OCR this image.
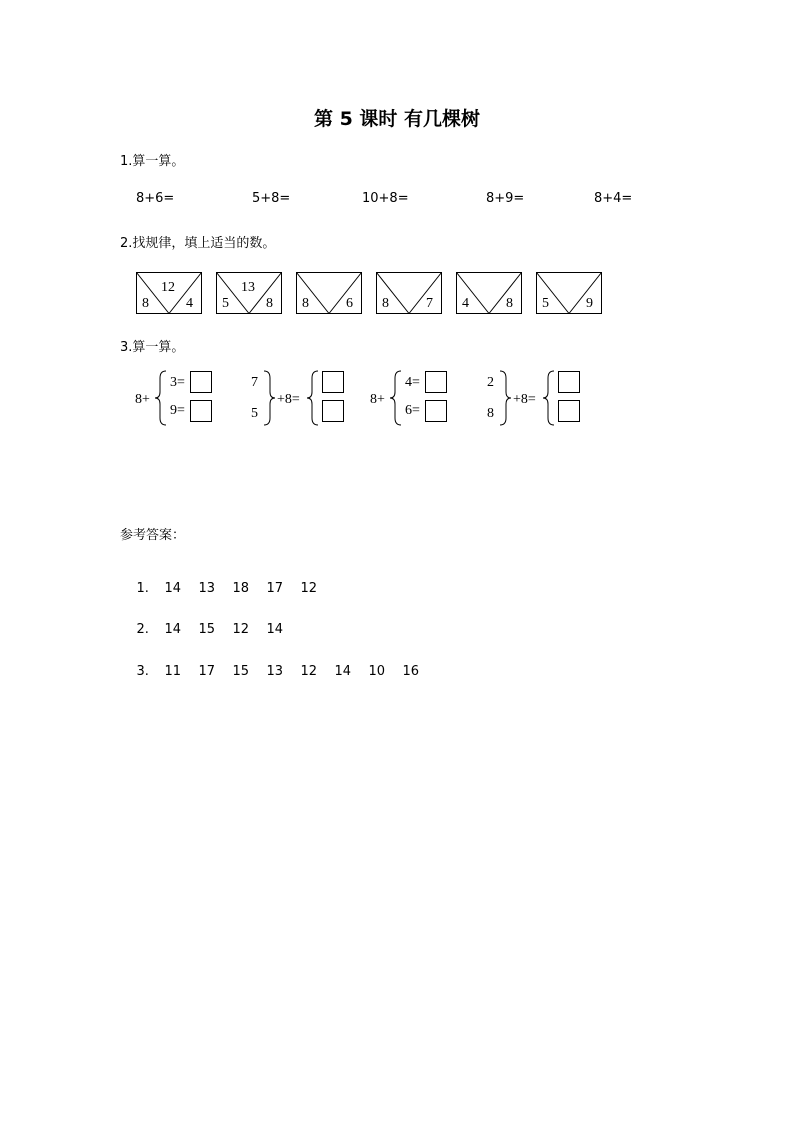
第 5 课时 有几棵树
1.算一算。
8+6=	5+8=	10+8=	8+9=	8+4=
2.找规律，填上适当的数。
12
8	4
13
5	8 8	6 8	7 4	8 5	9
3.算一算。
8+
3=
9=
7
5
+8=	8+
4=
6=
2
8
+8=
参考答案：

1. 14 13 18 17 12

2. 14 15 12 14

3. 11 17 15 13 12 14 10 16
